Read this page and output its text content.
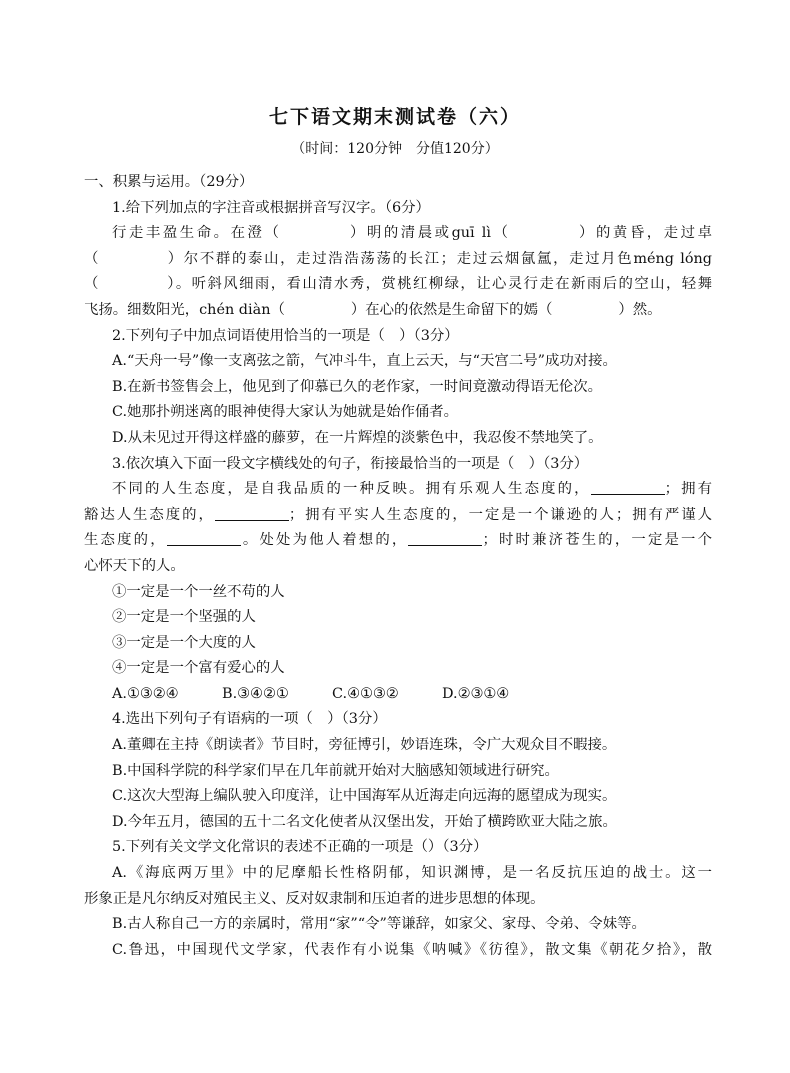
七下语文期末测试卷（六）
（时间：120分钟　分值120分）
一、积累与运用。（29分）
1.给下列加点的字注音或根据拼音写汉字。（6分）
行走丰盈生命。在澄（	）明的清晨或guī lì（	）的黄昏，走过卓
（	）尔不群的泰山，走过浩浩荡荡的长江；走过云烟氤氲，走过月色méng lóng
（	）。听斜风细雨，看山清水秀，赏桃红柳绿，让心灵行走在新雨后的空山，轻舞
飞扬。细数阳光，chén diàn（	）在心的依然是生命留下的嫣（	）然。
2.下列句子中加点词语使用恰当的一项是（　）（3分）
A.“天舟一号”像一支离弦之箭，气冲斗牛，直上云天，与“天宫二号”成功对接。
B.在新书签售会上，他见到了仰慕已久的老作家，一时间竟激动得语无伦次。
C.她那扑朔迷离的眼神使得大家认为她就是始作俑者。
D.从未见过开得这样盛的藤萝，在一片辉煌的淡紫色中，我忍俊不禁地笑了。
3.依次填入下面一段文字横线处的句子，衔接最恰当的一项是（　）（3分）
不同的人生态度，是自我品质的一种反映。拥有乐观人生态度的，	；拥有
豁达人生态度的，	；拥有平实人生态度的，一定是一个谦逊的人；拥有严谨人
生态度的，	。处处为他人着想的，	；时时兼济苍生的，一定是一个
心怀天下的人。
①一定是一个一丝不苟的人
②一定是一个坚强的人
③一定是一个大度的人
④一定是一个富有爱心的人
A.①③②④	B.③④②①	C.④①③②	D.②③①④
4.选出下列句子有语病的一项（　）（3分）
A.董卿在主持《朗读者》节目时，旁征博引，妙语连珠，令广大观众目不暇接。
B.中国科学院的科学家们早在几年前就开始对大脑感知领域进行研究。
C.这次大型海上编队驶入印度洋，让中国海军从近海走向远海的愿望成为现实。
D.今年五月，德国的五十二名文化使者从汉堡出发，开始了横跨欧亚大陆之旅。
5.下列有关文学文化常识的表述不正确的一项是（）（3分）
A.《海底两万里》中的尼摩船长性格阴郁，知识渊博，是一名反抗压迫的战士。这一
形象正是凡尔纳反对殖民主义、反对奴隶制和压迫者的进步思想的体现。
B.古人称自己一方的亲属时，常用“家”“令”等谦辞，如家父、家母、令弟、令妹等。
C.鲁迅，中国现代文学家，代表作有小说集《呐喊》《彷徨》，散文集《朝花夕拾》，散
